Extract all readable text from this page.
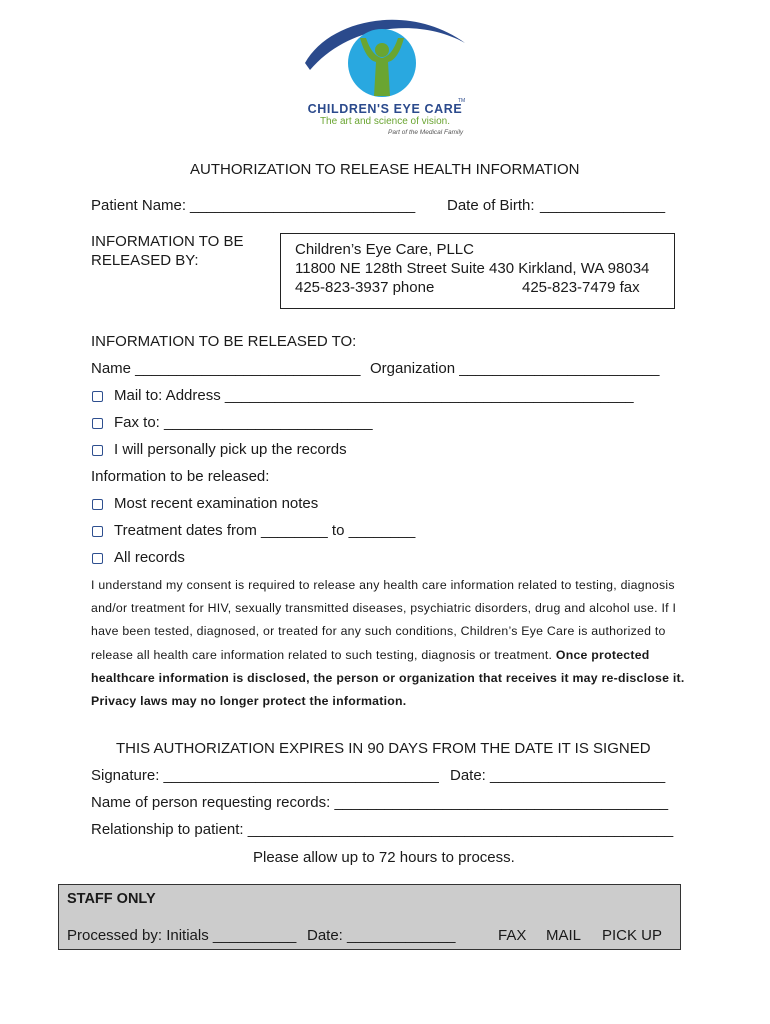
TM
CHILDREN'S EYE CARE
The art and science of vision.
Part of the Medical Family
AUTHORIZATION TO RELEASE HEALTH INFORMATION
Patient Name: ___________________________ Date of Birth: _______________
INFORMATION TO BE
RELEASED BY:
Children’s Eye Care, PLLC
11800 NE 128th Street Suite 430 Kirkland, WA 98034
425-823-3937 phone	425-823-7479 fax
INFORMATION TO BE RELEASED TO:
Name ___________________________ Organization ________________________
Mail to: Address _________________________________________________
Fax to: _________________________
I will personally pick up the records
Information to be released:
Most recent examination notes
Treatment dates from ________ to ________
All records
I understand my consent is required to release any health care information related to testing, diagnosis
and/or treatment for HIV, sexually transmitted diseases, psychiatric disorders, drug and alcohol use. If I
have been tested, diagnosed, or treated for any such conditions, Children’s Eye Care is authorized to
release all health care information related to such testing, diagnosis or treatment. Once protected
healthcare information is disclosed, the person or organization that receives it may re-disclose it.
Privacy laws may no longer protect the information.
THIS AUTHORIZATION EXPIRES IN 90 DAYS FROM THE DATE IT IS SIGNED
Signature: _________________________________ Date: _____________________
Name of person requesting records: ________________________________________
Relationship to patient: ___________________________________________________
Please allow up to 72 hours to process.
STAFF ONLY
Processed by: Initials __________ Date: _____________	FAX MAIL PICK UP
